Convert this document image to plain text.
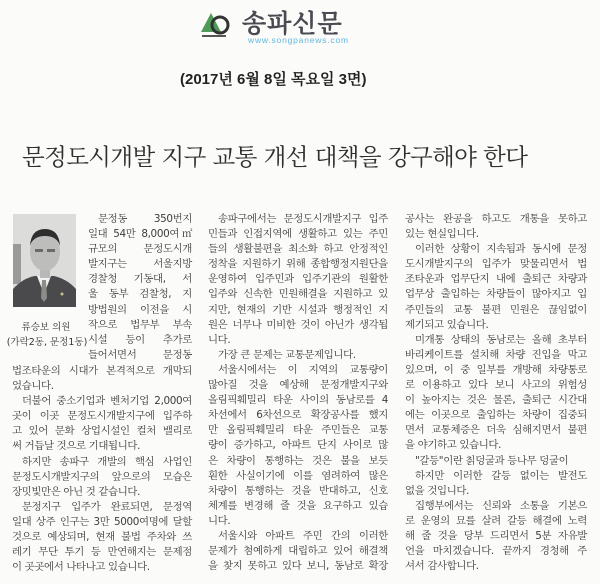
송파신문
www.songpanews.com
(2017년 6월 8일 목요일 3면)
문정도시개발 지구 교통 개선 대책을 강구해야 한다
류승보 의원
(가락2동, 문정1동)
문정동 350번지
일대 54만 8,000여㎡
규모의 문정도시개
발지구는 서울지방
경찰청 기동대, 서
울 동부 검찰청, 지
방법원의 이전을 시
작으로 법무부 부속
시설 등이 추가로
들어서면서 문정동
법조타운의 시대가 본격적으로 개막되
었습니다.
더불어 중소기업과 벤처기업 2,000여
곳이 이곳 문정도시개발지구에 입주하
고 있어 문화 상업시설인 컬처 밸리로
써 거듭날 것으로 기대됩니다.
하지만 송파구 개발의 핵심 사업인
문정도시개발지구의 앞으로의 모습은
장밋빛만은 아닌 것 같습니다.
문정지구 입주가 완료되면, 문정역
일대 상주 인구는 3만 5000여명에 달할
것으로 예상되며, 현재 불법 주차와 쓰
레기 무단 투기 등 만연해지는 문제점
이 곳곳에서 나타나고 있습니다.
송파구에서는 문정도시개발지구 입주
민들과 인접지역에 생활하고 있는 주민
들의 생활불편을 최소화 하고 안정적인
정착을 지원하기 위해 종합행정지원단을
운영하여 입주민과 입주기관의 원활한
입주와 신속한 민원해결을 지원하고 있
지만, 현재의 기반 시설과 행정적인 지
원은 너무나 미비한 것이 아닌가 생각됩
니다.
가장 큰 문제는 교통문제입니다.
서울시에서는 이 지역의 교통량이
많아질 것을 예상해 문정개발지구와
올림픽훼밀리 타운 사이의 동남로를 4
차선에서 6차선으로 확장공사를 했지
만 올림픽훼밀리 타운 주민들은 교통
량이 증가하고, 아파트 단지 사이로 많
은 차량이 통행하는 것은 불을 보듯
훤한 사실이기에 이를 염려하여 많은
차량이 통행하는 것을 반대하고, 신호
체계를 변경해 줄 것을 요구하고 있습
니다.
서울시와 아파트 주민 간의 이러한
문제가 첨예하게 대립하고 있어 해결책
을 찾지 못하고 있다 보니, 동남로 확장
공사는 완공을 하고도 개통을 못하고
있는 현실입니다.
이러한 상황이 지속됨과 동시에 문정
도시개발지구의 입주가 맞물리면서 법
조타운과 업무단지 내에 출퇴근 차량과
업무상 출입하는 차량들이 많아지고 입
주민들의 교통 불편 민원은 끊임없이
제기되고 있습니다.
미개통 상태의 동남로는 올해 초부터
바리케이트를 설치해 차량 진입을 막고
있으며, 이 중 일부를 개방해 차량통로
로 이용하고 있다 보니 사고의 위험성
이 높아지는 것은 물론, 출퇴근 시간대
에는 이곳으로 출입하는 차량이 집중되
면서 교통체증은 더욱 심해지면서 불편
을 야기하고 있습니다.
"갈등"이란 칡덩굴과 등나무 덩굴이
하지만 이러한 갈등 없이는 발전도
없을 것입니다.
집행부에서는 신뢰와 소통을 기본으
로 운영의 묘를 살려 갈등 해결에 노력
해 줄 것을 당부 드리면서 5분 자유발
언을 마치겠습니다. 끝까지 경청해 주
셔서 감사합니다.
